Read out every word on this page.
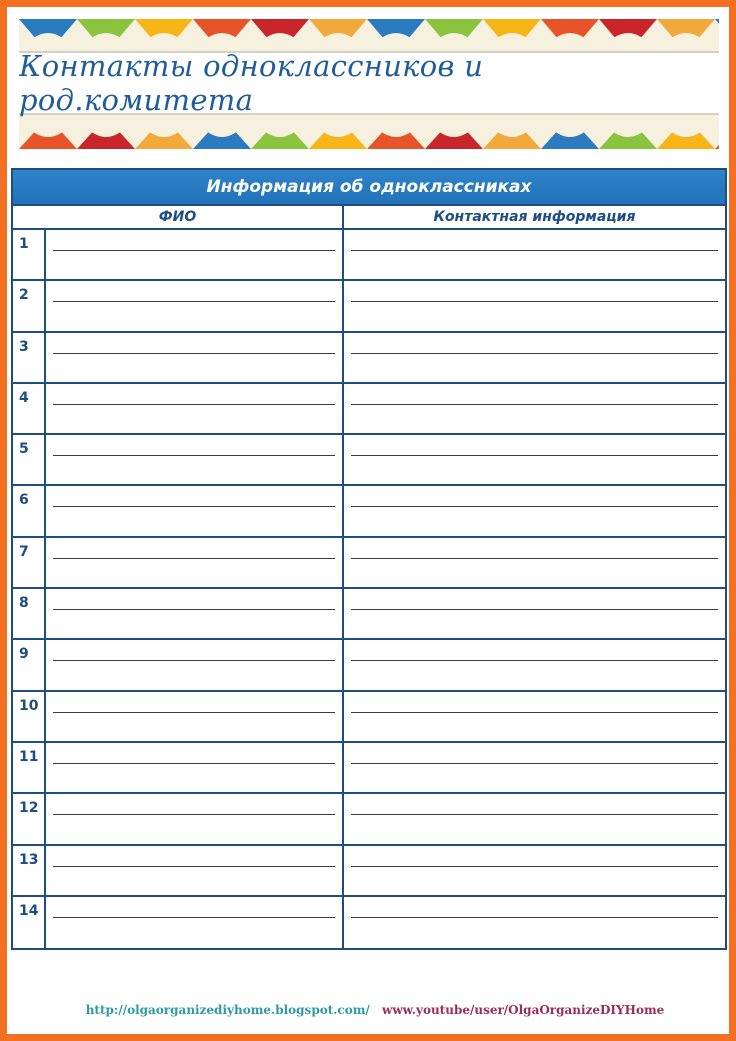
Контакты одноклассников и род.комитета
Информация об одноклассниках
ФИО	Контактная информация
1
2
3
4
5
6
7
8
9
10
11
12
13
14
http://olgaorganizediyhome.blogspot.com/ www.youtube/user/OlgaOrganizeDIYHome
